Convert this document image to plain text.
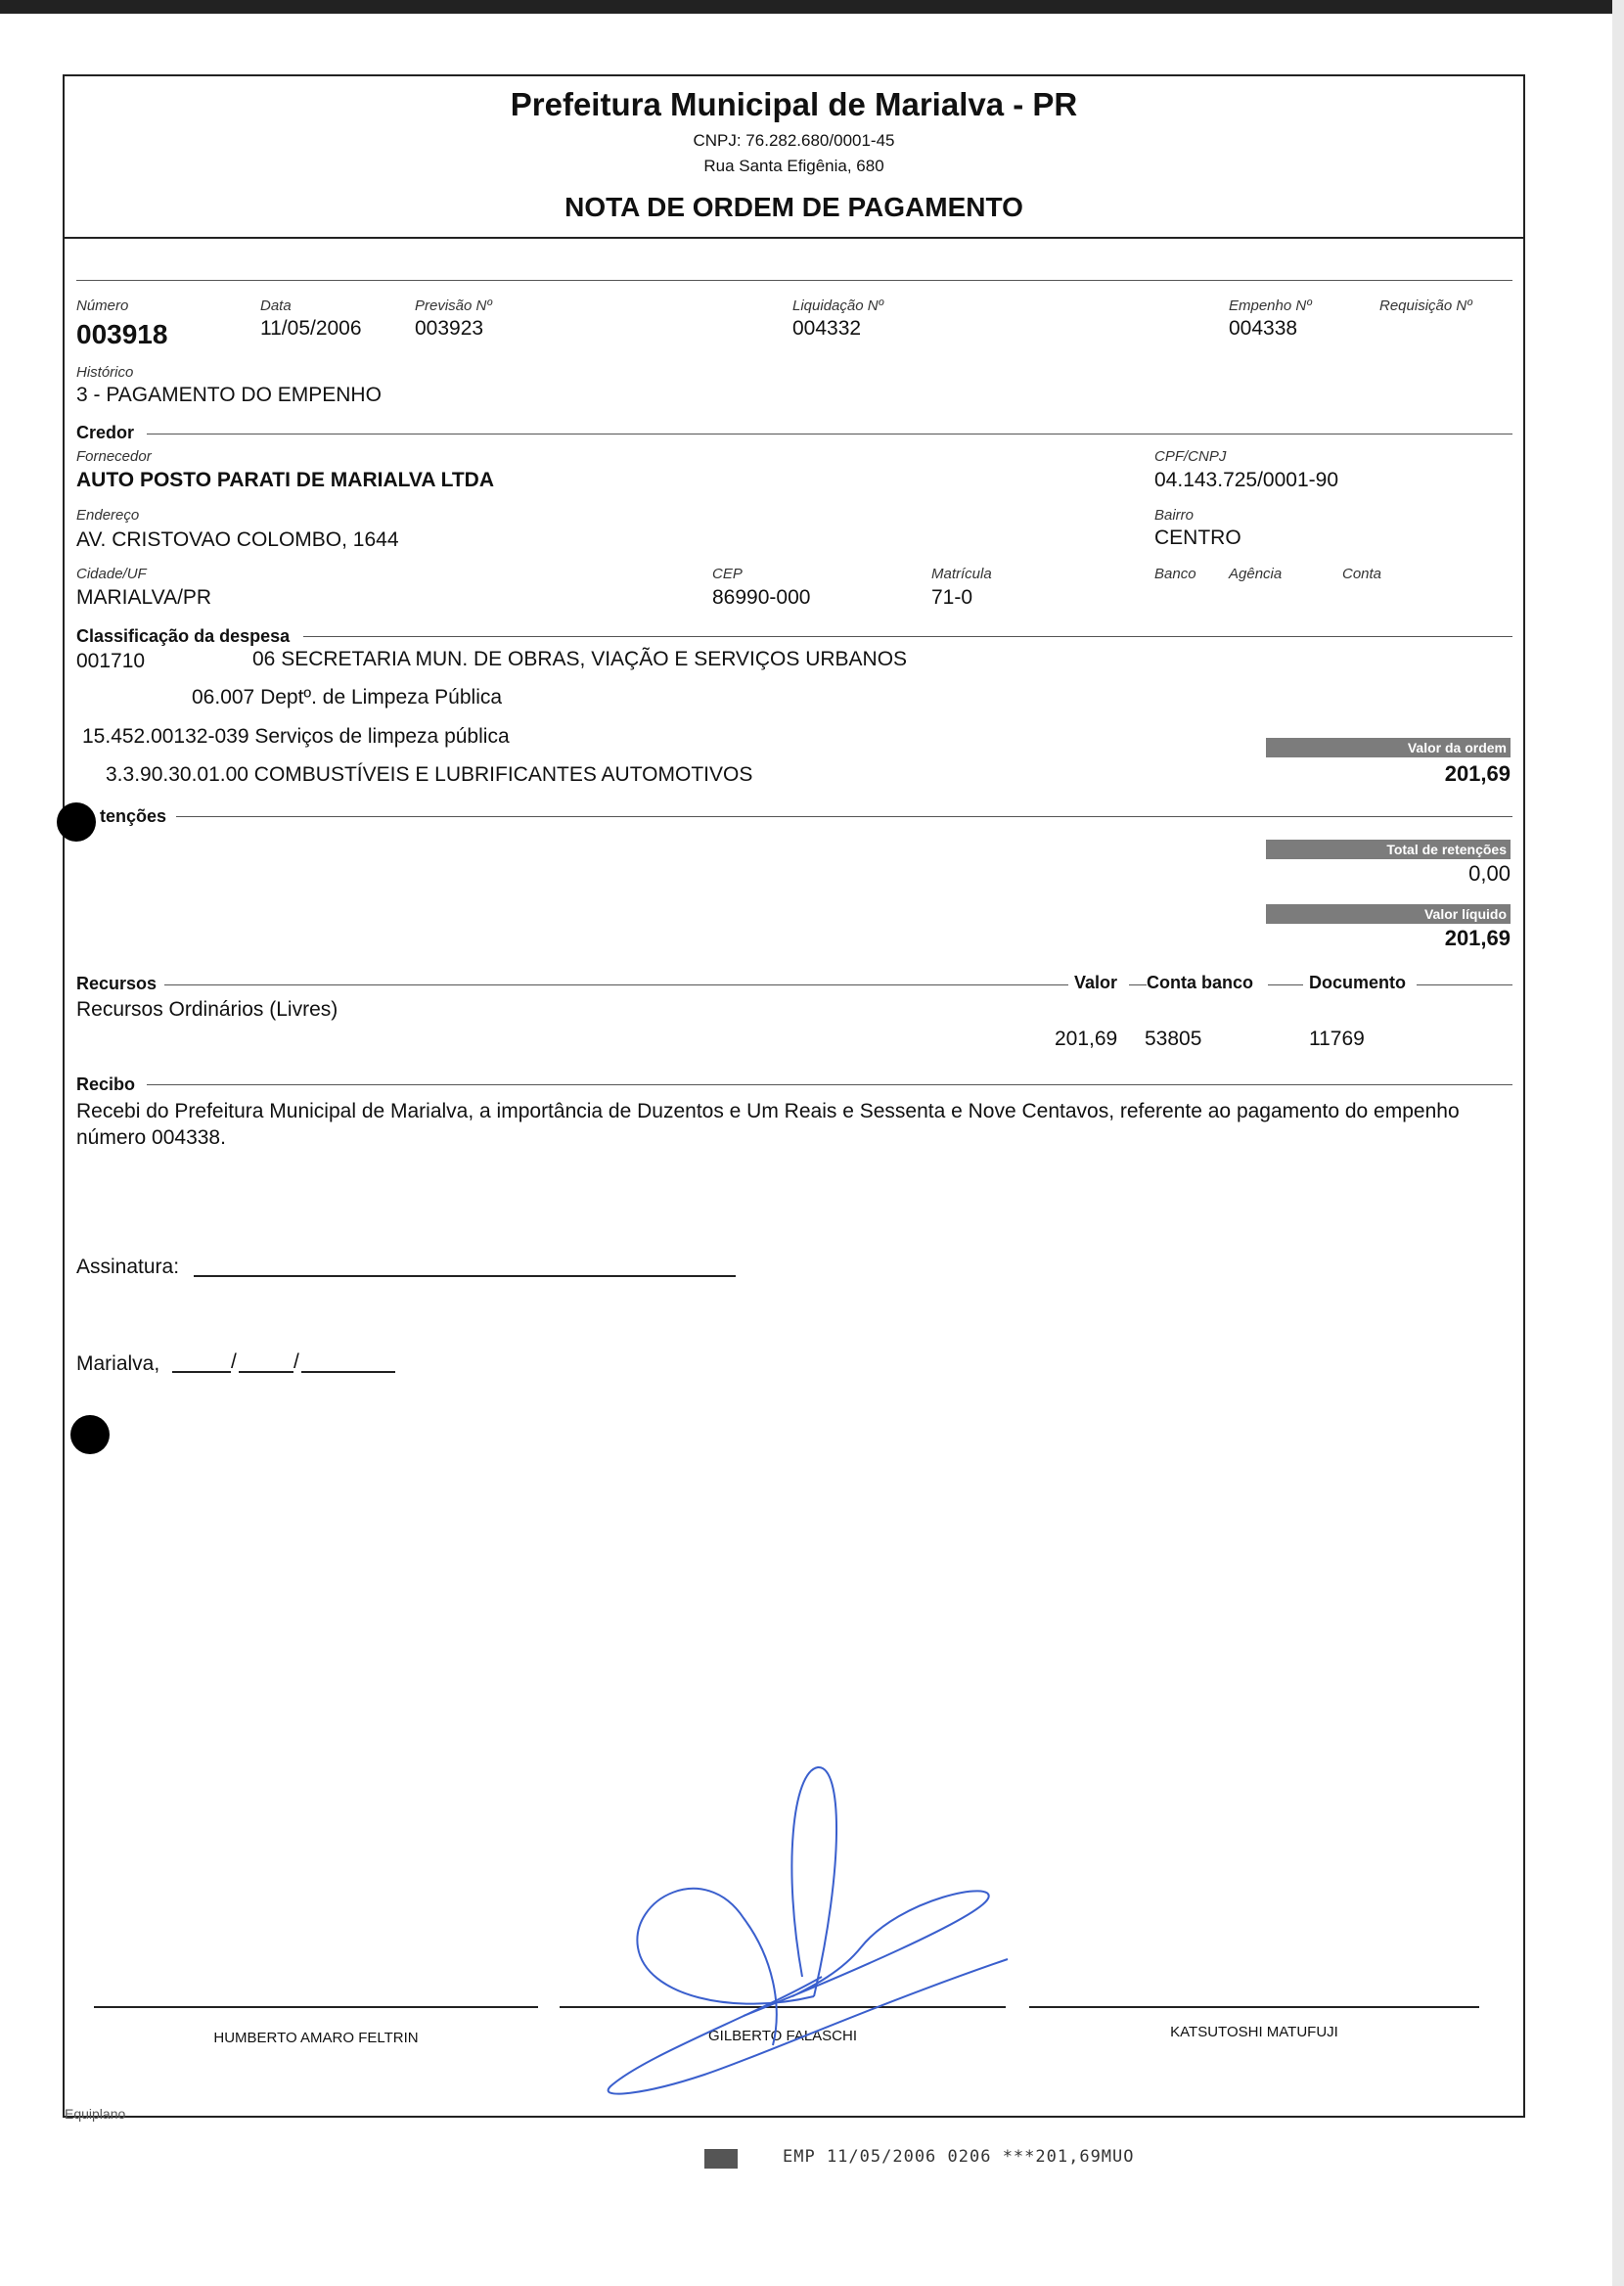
Prefeitura Municipal de Marialva - PR
CNPJ: 76.282.680/0001-45
Rua Santa Efigênia, 680
NOTA DE ORDEM DE PAGAMENTO
Número
003918
Data
11/05/2006
Previsão Nº
003923
Liquidação Nº
004332
Empenho Nº
004338
Requisição Nº
Histórico
3 - PAGAMENTO DO EMPENHO
Credor
Fornecedor
AUTO POSTO PARATI DE MARIALVA LTDA
CPF/CNPJ
04.143.725/0001-90
Endereço
AV. CRISTOVAO COLOMBO, 1644
Bairro
CENTRO
Cidade/UF
MARIALVA/PR
CEP
86990-000
Matrícula
71-0
Banco Agência	Conta
Classificação da despesa
001710	06 SECRETARIA MUN. DE OBRAS, VIAÇÃO E SERVIÇOS URBANOS
06.007 Deptº. de Limpeza Pública
15.452.00132-039 Serviços de limpeza pública
3.3.90.30.01.00 COMBUSTÍVEIS E LUBRIFICANTES AUTOMOTIVOS
Valor da ordem
201,69
tenções
Total de retenções
0,00
Valor líquido
201,69
Recursos	Valor Conta banco	Documento
Recursos Ordinários (Livres)
201,69 53805	11769
Recibo
Recebi do Prefeitura Municipal de Marialva, a importância de Duzentos e Um Reais e Sessenta e Nove Centavos, referente ao pagamento do empenho número 004338.
Assinatura:
Marialva,	/	/
HUMBERTO AMARO FELTRIN	GILBERTO FALASCHI	KATSUTOSHI MATUFUJI
Equiplano
EMP 11/05/2006 0206 ***201,69MUO
